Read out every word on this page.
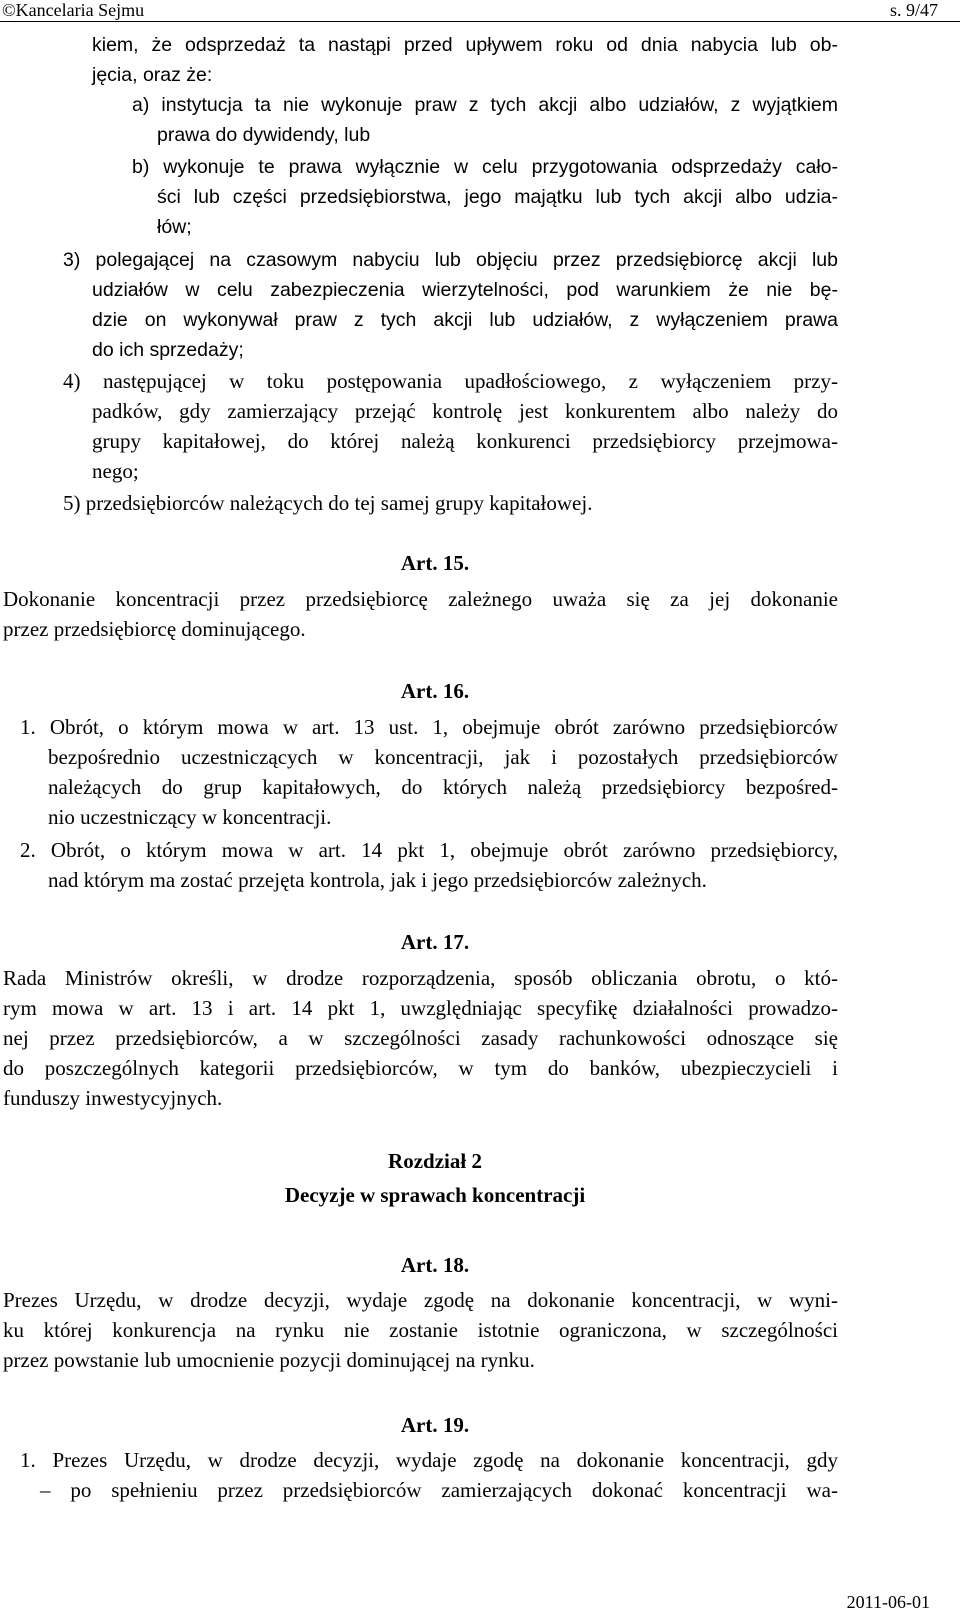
©Kancelaria Sejmu	s. 9/47
kiem, że odsprzedaż ta nastąpi przed upływem roku od dnia nabycia lub ob-
jęcia, oraz że:
a) instytucja ta nie wykonuje praw z tych akcji albo udziałów, z wyjątkiem
prawa do dywidendy, lub
b) wykonuje te prawa wyłącznie w celu przygotowania odsprzedaży cało-
ści lub części przedsiębiorstwa, jego majątku lub tych akcji albo udzia-
łów;
3) polegającej na czasowym nabyciu lub objęciu przez przedsiębiorcę akcji lub
udziałów w celu zabezpieczenia wierzytelności, pod warunkiem że nie bę-
dzie on wykonywał praw z tych akcji lub udziałów, z wyłączeniem prawa
do ich sprzedaży;
4) następującej w toku postępowania upadłościowego, z wyłączeniem przy-
padków, gdy zamierzający przejąć kontrolę jest konkurentem albo należy do
grupy kapitałowej, do której należą konkurenci przedsiębiorcy przejmowa-
nego;
5) przedsiębiorców należących do tej samej grupy kapitałowej.
Art. 15.
Dokonanie koncentracji przez przedsiębiorcę zależnego uważa się za jej dokonanie
przez przedsiębiorcę dominującego.
Art. 16.
1. Obrót, o którym mowa w art. 13 ust. 1, obejmuje obrót zarówno przedsiębiorców
bezpośrednio uczestniczących w koncentracji, jak i pozostałych przedsiębiorców
należących do grup kapitałowych, do których należą przedsiębiorcy bezpośred-
nio uczestniczący w koncentracji.
2. Obrót, o którym mowa w art. 14 pkt 1, obejmuje obrót zarówno przedsiębiorcy,
nad którym ma zostać przejęta kontrola, jak i jego przedsiębiorców zależnych.
Art. 17.
Rada Ministrów określi, w drodze rozporządzenia, sposób obliczania obrotu, o któ-
rym mowa w art. 13 i art. 14 pkt 1, uwzględniając specyfikę działalności prowadzo-
nej przez przedsiębiorców, a w szczególności zasady rachunkowości odnoszące się
do poszczególnych kategorii przedsiębiorców, w tym do banków, ubezpieczycieli i
funduszy inwestycyjnych.
Rozdział 2
Decyzje w sprawach koncentracji
Art. 18.
Prezes Urzędu, w drodze decyzji, wydaje zgodę na dokonanie koncentracji, w wyni-
ku której konkurencja na rynku nie zostanie istotnie ograniczona, w szczególności
przez powstanie lub umocnienie pozycji dominującej na rynku.
Art. 19.
1. Prezes Urzędu, w drodze decyzji, wydaje zgodę na dokonanie koncentracji, gdy
– po spełnieniu przez przedsiębiorców zamierzających dokonać koncentracji wa-
2011-06-01
